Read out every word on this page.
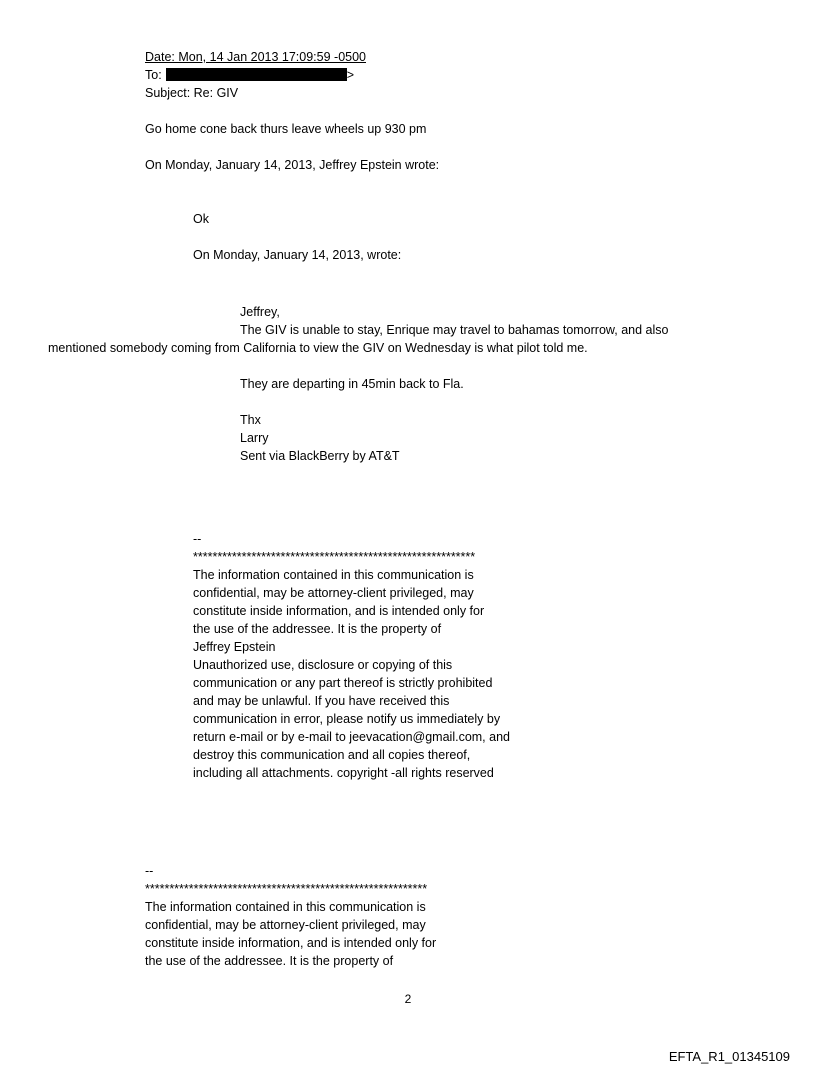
Date: Mon, 14 Jan 2013 17:09:59 -0500
To:	>
Subject: Re: GIV
Go home cone back thurs leave wheels up 930 pm
On Monday, January 14, 2013, Jeffrey Epstein wrote:
Ok
On Monday, January 14, 2013, wrote:
Jeffrey,
The GIV is unable to stay, Enrique may travel to bahamas tomorrow, and also
mentioned somebody coming from California to view the GIV on Wednesday is what pilot told me.
They are departing in 45min back to Fla.
Thx
Larry
Sent via BlackBerry by AT&T
--
**********************************************************
The information contained in this communication is
confidential, may be attorney-client privileged, may
constitute inside information, and is intended only for
the use of the addressee. It is the property of
Jeffrey Epstein
Unauthorized use, disclosure or copying of this
communication or any part thereof is strictly prohibited
and may be unlawful. If you have received this
communication in error, please notify us immediately by
return e-mail or by e-mail to jeevacation@gmail.com, and
destroy this communication and all copies thereof,
including all attachments. copyright -all rights reserved
--
**********************************************************
The information contained in this communication is
confidential, may be attorney-client privileged, may
constitute inside information, and is intended only for
the use of the addressee. It is the property of
2
EFTA_R1_01345109
